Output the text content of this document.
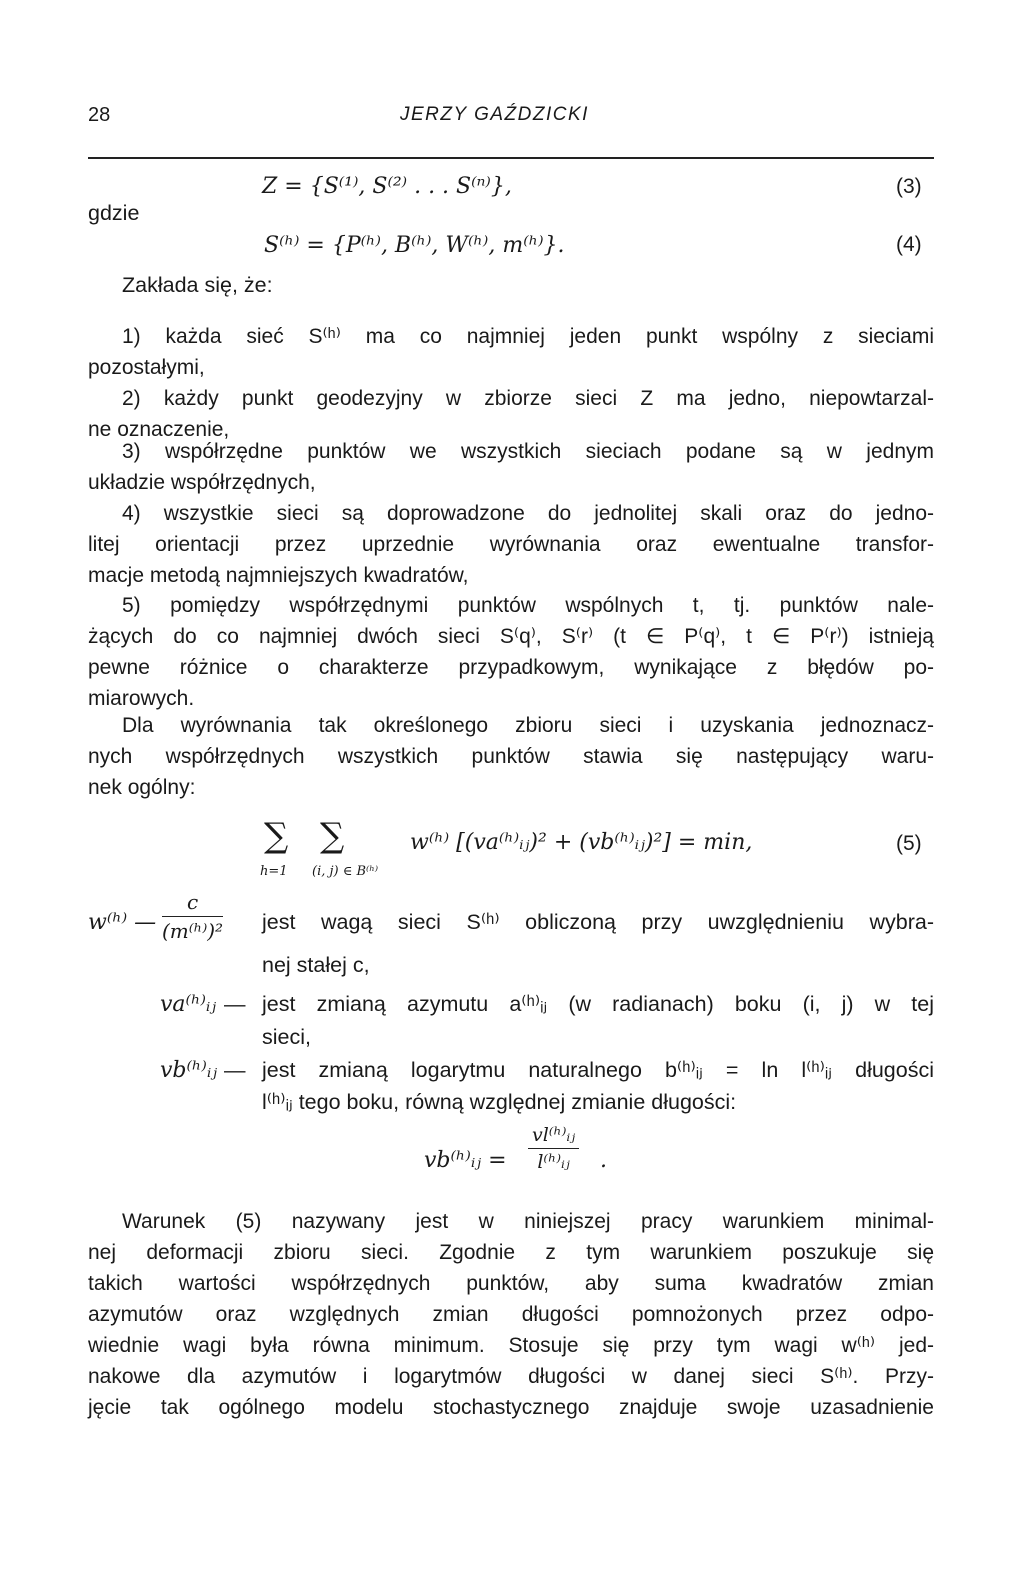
28	JERZY GAŹDZICKI
Z = {S⁽¹⁾, S⁽²⁾ . . . S⁽ⁿ⁾},	(3)
gdzie
S⁽ʰ⁾ = {P⁽ʰ⁾, B⁽ʰ⁾, W⁽ʰ⁾, m⁽ʰ⁾}.	(4)
Zakłada się, że:
1) każda sieć S⁽ʰ⁾ ma co najmniej jeden punkt wspólny z sieciami
pozostałymi,
2) każdy punkt geodezyjny w zbiorze sieci Z ma jedno, niepowtarzal-
ne oznaczenie,
3) współrzędne punktów we wszystkich sieciach podane są w jednym
układzie współrzędnych,
4) wszystkie sieci są doprowadzone do jednolitej skali oraz do jedno-
litej orientacji przez uprzednie wyrównania oraz ewentualne transfor-
macje metodą najmniejszych kwadratów,
5) pomiędzy współrzędnymi punktów wspólnych t, tj. punktów nale-
żących do co najmniej dwóch sieci S⁽q⁾, S⁽r⁾ (t ∈ P⁽q⁾, t ∈ P⁽r⁾) istnieją
pewne różnice o charakterze przypadkowym, wynikające z błędów po-
miarowych.
Dla wyrównania tak określonego zbioru sieci i uzyskania jednoznacz-
nych współrzędnych wszystkich punktów stawia się następujący waru-
nek ogólny:
∑
h=1
∑
(i, j) ∈ B⁽ʰ⁾
w⁽ʰ⁾ [(va⁽ʰ⁾ᵢⱼ)² + (vb⁽ʰ⁾ᵢⱼ)²] = min,	(5)
w⁽ʰ⁾ — $\frac{c}{\text{(m⁽ʰ⁾)²}}$ jest wagą sieci S⁽ʰ⁾ obliczoną przy uwzględnieniu wybra-
nej stałej c,
va⁽ʰ⁾ᵢⱼ — jest zmianą azymutu a⁽ʰ⁾ᵢⱼ (w radianach) boku (i, j) w tej
sieci,
vb⁽ʰ⁾ᵢⱼ — jest zmianą logarytmu naturalnego b⁽ʰ⁾ᵢⱼ = ln l⁽ʰ⁾ᵢⱼ długości
l⁽ʰ⁾ᵢⱼ tego boku, równą względnej zmianie długości:
vb⁽ʰ⁾ᵢⱼ = $\frac{\text{vl⁽ʰ⁾ᵢⱼ}}{\text{l⁽ʰ⁾ᵢⱼ}}$ .
Warunek (5) nazywany jest w niniejszej pracy warunkiem minimal-
nej deformacji zbioru sieci. Zgodnie z tym warunkiem poszukuje się
takich wartości współrzędnych punktów, aby suma kwadratów zmian
azymutów oraz względnych zmian długości pomnożonych przez odpo-
wiednie wagi była równa minimum. Stosuje się przy tym wagi w⁽ʰ⁾ jed-
nakowe dla azymutów i logarytmów długości w danej sieci S⁽ʰ⁾. Przy-
jęcie tak ogólnego modelu stochastycznego znajduje swoje uzasadnienie
